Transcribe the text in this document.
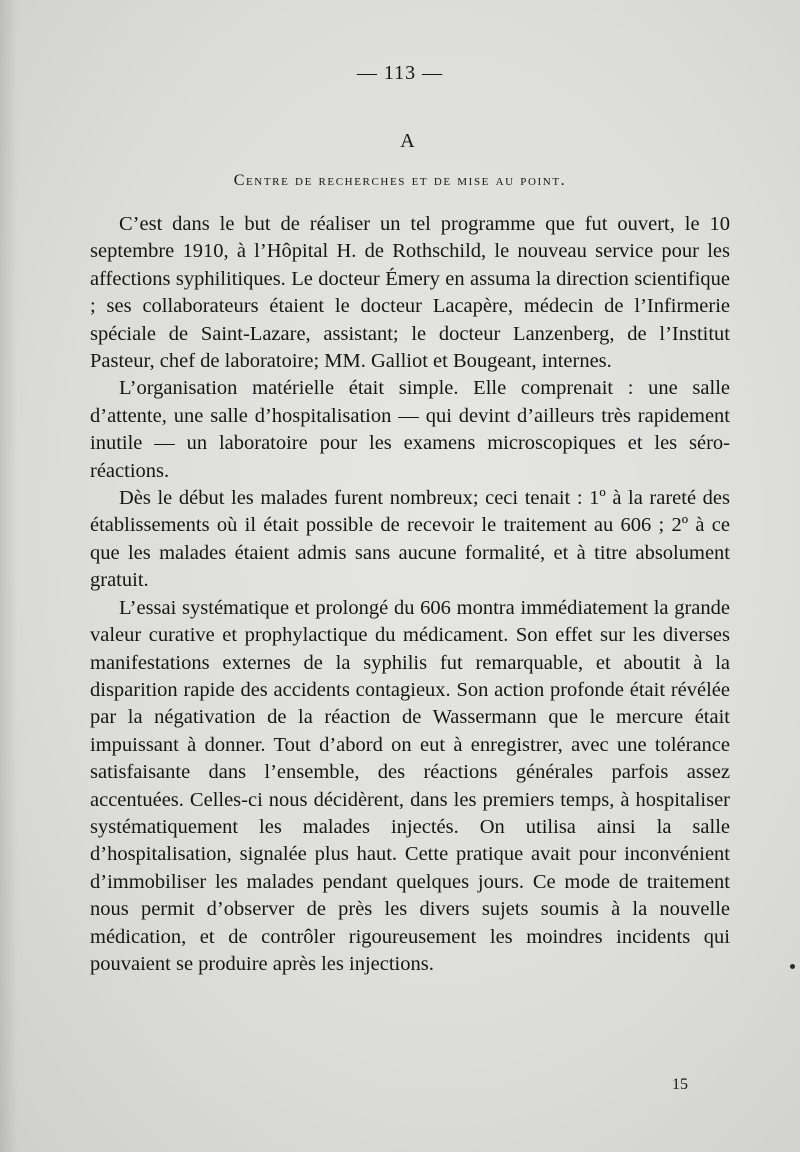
— 113 —
A
Centre de recherches et de mise au point.

C’est dans le but de réaliser un tel programme que fut ouvert, le 10 septembre 1910, à l’Hôpital H. de Rothschild, le nouveau service pour les affections syphilitiques. Le docteur Émery en assuma la direction scientifique ; ses collaborateurs étaient le docteur Lacapère, médecin de l’Infirmerie spéciale de Saint-Lazare, assistant; le docteur Lanzenberg, de l’Institut Pasteur, chef de laboratoire; MM. Galliot et Bougeant, internes.

L’organisation matérielle était simple. Elle comprenait : une salle d’attente, une salle d’hospitalisation — qui devint d’ailleurs très rapidement inutile — un laboratoire pour les examens microscopiques et les séro-réactions.

Dès le début les malades furent nombreux; ceci tenait : 1º à la rareté des établissements où il était possible de recevoir le traitement au 606 ; 2º à ce que les malades étaient admis sans aucune formalité, et à titre absolument gratuit.

L’essai systématique et prolongé du 606 montra immédiatement la grande valeur curative et prophylactique du médicament. Son effet sur les diverses manifestations externes de la syphilis fut remarquable, et aboutit à la disparition rapide des accidents contagieux. Son action profonde était révélée par la négativation de la réaction de Wassermann que le mercure était impuissant à donner. Tout d’abord on eut à enregistrer, avec une tolérance satisfaisante dans l’ensemble, des réactions générales parfois assez accentuées. Celles-ci nous décidèrent, dans les premiers temps, à hospitaliser systématiquement les malades injectés. On utilisa ainsi la salle d’hospitalisation, signalée plus haut. Cette pratique avait pour inconvénient d’immobiliser les malades pendant quelques jours. Ce mode de traitement nous permit d’observer de près les divers sujets soumis à la nouvelle médication, et de contrôler rigoureusement les moindres incidents qui pouvaient se produire après les injections.

15
